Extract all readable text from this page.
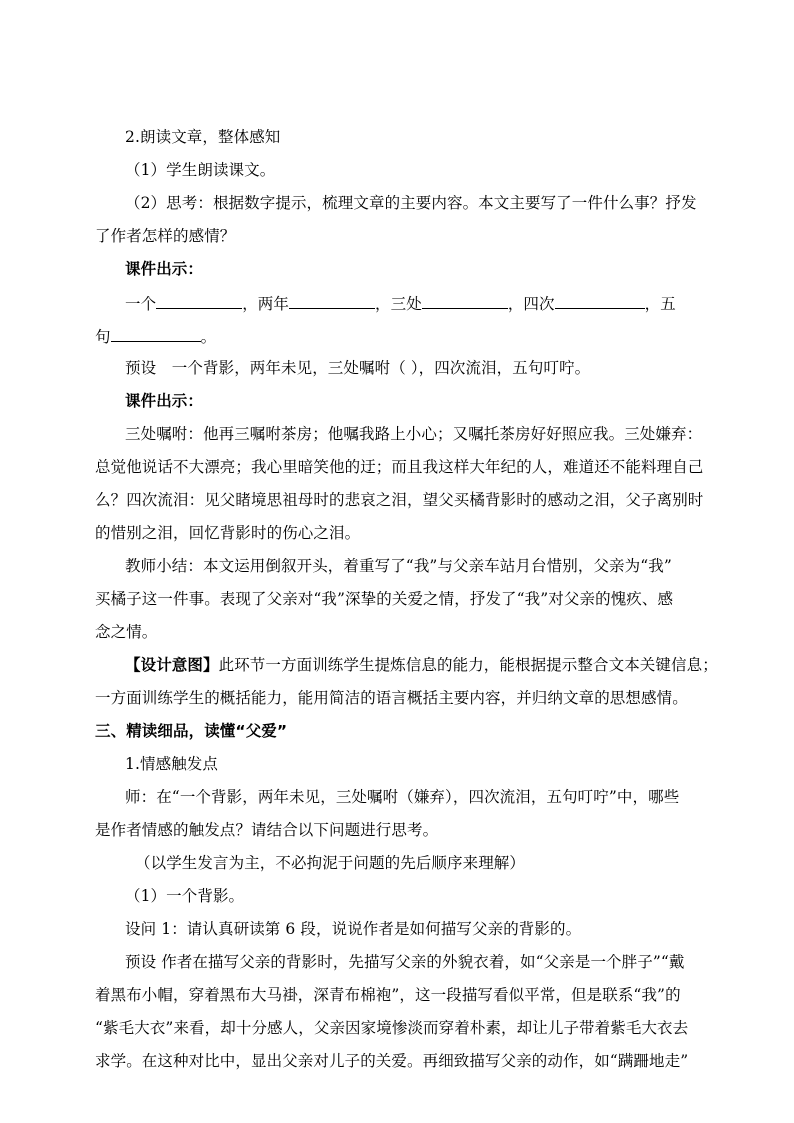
2.朗读文章，整体感知
（1）学生朗读课文。
（2）思考：根据数字提示，梳理文章的主要内容。本文主要写了一件什么事？抒发
了作者怎样的感情？
课件出示：
一个	，两年	，三处	，四次	，五
句	。
预设　一个背影，两年未见，三处嘱咐（ ），四次流泪，五句叮咛。
课件出示：
三处嘱咐：他再三嘱咐茶房；他嘱我路上小心；又嘱托茶房好好照应我。三处嫌弃：
总觉他说话不大漂亮；我心里暗笑他的迂；而且我这样大年纪的人，难道还不能料理自己
么？四次流泪：见父睹境思祖母时的悲哀之泪，望父买橘背影时的感动之泪，父子离别时
的惜别之泪，回忆背影时的伤心之泪。
教师小结：本文运用倒叙开头，着重写了“我”与父亲车站月台惜别，父亲为“我”
买橘子这一件事。表现了父亲对“我”深挚的关爱之情，抒发了“我”对父亲的愧疚、感
念之情。
【设计意图】此环节一方面训练学生提炼信息的能力，能根据提示整合文本关键信息；
一方面训练学生的概括能力，能用简洁的语言概括主要内容，并归纳文章的思想感情。
三、精读细品，读懂“父爱”
1.情感触发点
师：在“一个背影，两年未见，三处嘱咐（嫌弃），四次流泪，五句叮咛”中，哪些
是作者情感的触发点？请结合以下问题进行思考。
（以学生发言为主，不必拘泥于问题的先后顺序来理解）
（1）一个背影。
设问 1：请认真研读第 6 段，说说作者是如何描写父亲的背影的。
预设 作者在描写父亲的背影时，先描写父亲的外貌衣着，如“父亲是一个胖子”“戴
着黑布小帽，穿着黑布大马褂，深青布棉袍”，这一段描写看似平常，但是联系“我”的
“紫毛大衣”来看，却十分感人，父亲因家境惨淡而穿着朴素，却让儿子带着紫毛大衣去
求学。在这种对比中，显出父亲对儿子的关爱。再细致描写父亲的动作，如“蹒跚地走”
